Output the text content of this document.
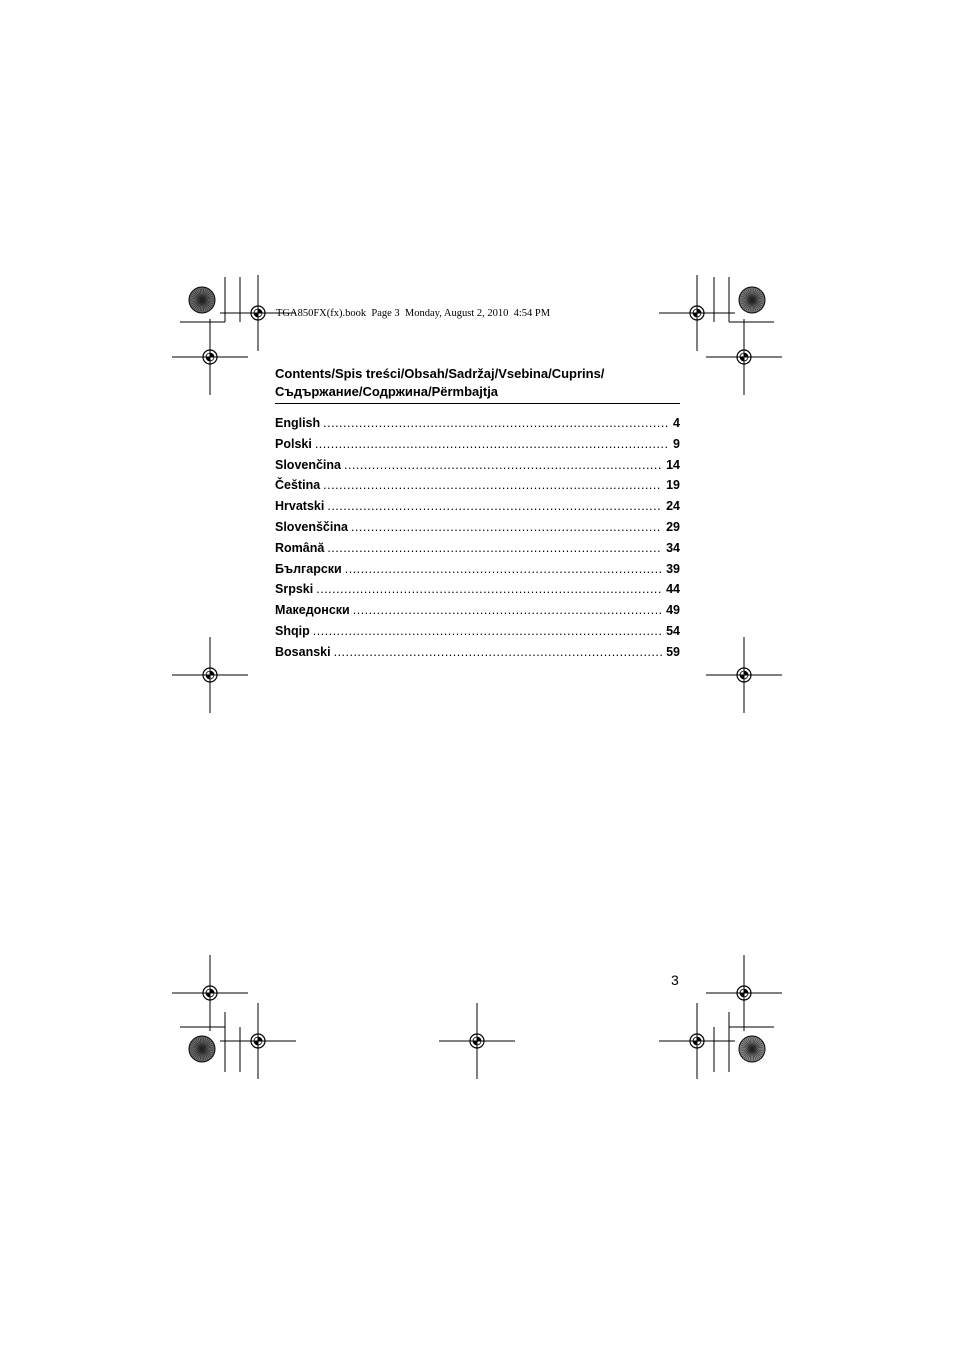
TGA850FX(fx).book  Page 3  Monday, August 2, 2010  4:54 PM
Contents/Spis treści/Obsah/Sadržaj/Vsebina/Cuprins/
Съдържание/Содржина/Përmbajtja
English .....	4
Polski .....	9
Slovenčina .....	14
Čeština .....	19
Hrvatski .....	24
Slovenščina .....	29
Română .....	34
Български .....	39
Srpski .....	44
Македонски .....	49
Shqip .....	54
Bosanski .....	59
3
